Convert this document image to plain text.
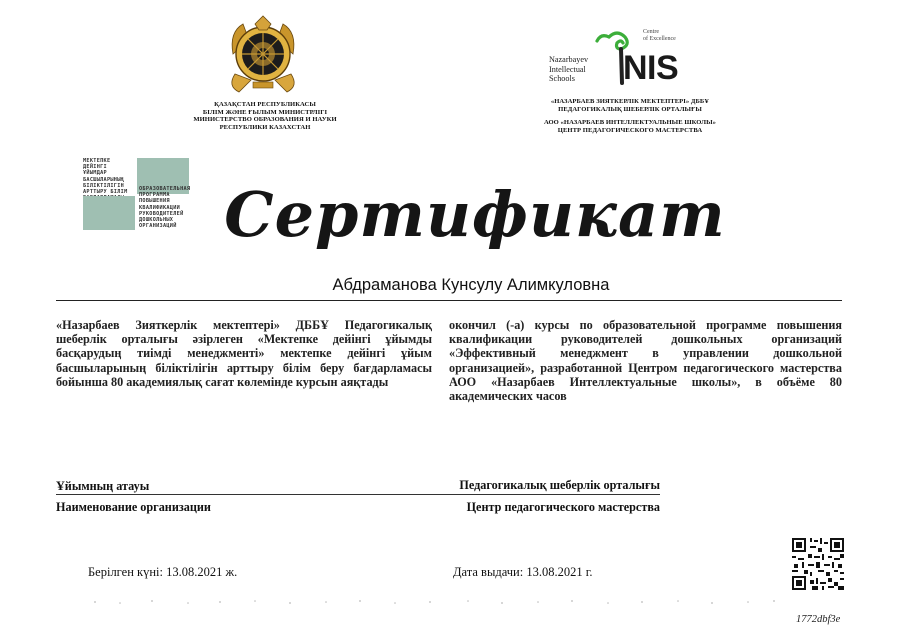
ҚАЗАҚСТАН РЕСПУБЛИКАСЫ
БІЛІМ ЖӘНЕ ҒЫЛЫМ МИНИСТРЛІГІ
МИНИСТЕРСТВО ОБРАЗОВАНИЯ И НАУКИ
РЕСПУБЛИКИ КАЗАХСТАН
Nazarbayev
Intellectual
Schools
Centre
of Excellence
NIS
«НАЗАРБАЕВ ЗИЯТКЕРЛІК МЕКТЕПТЕРІ» ДББҰ
ПЕДАГОГИКАЛЫҚ ШЕБЕРЛІК ОРТАЛЫҒЫ
АОО «НАЗАРБАЕВ ИНТЕЛЛЕКТУАЛЬНЫЕ ШКОЛЫ»
ЦЕНТР ПЕДАГОГИЧЕСКОГО МАСТЕРСТВА
МЕКТЕПКЕ
ДЕЙІНГІ
ҰЙЫМДАР
БАСШЫЛАРЫНЫҢ
БІЛІКТІЛІГІН
АРТТЫРУ БІЛІМ
ОБРАЗОВАТЕЛЬНАЯ
ПРОГРАММА
ПОВЫШЕНИЯ
КВАЛИФИКАЦИИ
РУКОВОДИТЕЛЕЙ
ДОШКОЛЬНЫХ
ОРГАНИЗАЦИЙ Сертификат
Абдраманова Кунсулу Алимкуловна
«Назарбаев Зияткерлік мектептері» ДББҰ Педагогикалық шеберлік орталығы әзірлеген «Мектепке дейінгі ұйымды басқарудың тиімді менеджменті» мектепке дейінгі ұйым басшыларының біліктілігін арттыру білім беру бағдарламасы бойынша 80 академиялық сағат көлемінде курсын аяқтады
окончил (-а) курсы по образовательной программе повышения квалификации руководителей дошкольных организаций «Эффективный менеджмент в управлении дошкольной организацией», разработанной Центром педагогического мастерства АОО «Назарбаев Интеллектуальные школы», в объёме 80 академических часов
Ұйымның атауы	Педагогикалық шеберлік орталығы
Наименование организации	Центр педагогического мастерства
Берілген күні: 13.08.2021 ж.	Дата выдачи: 13.08.2021 г.
1772dbf3e
